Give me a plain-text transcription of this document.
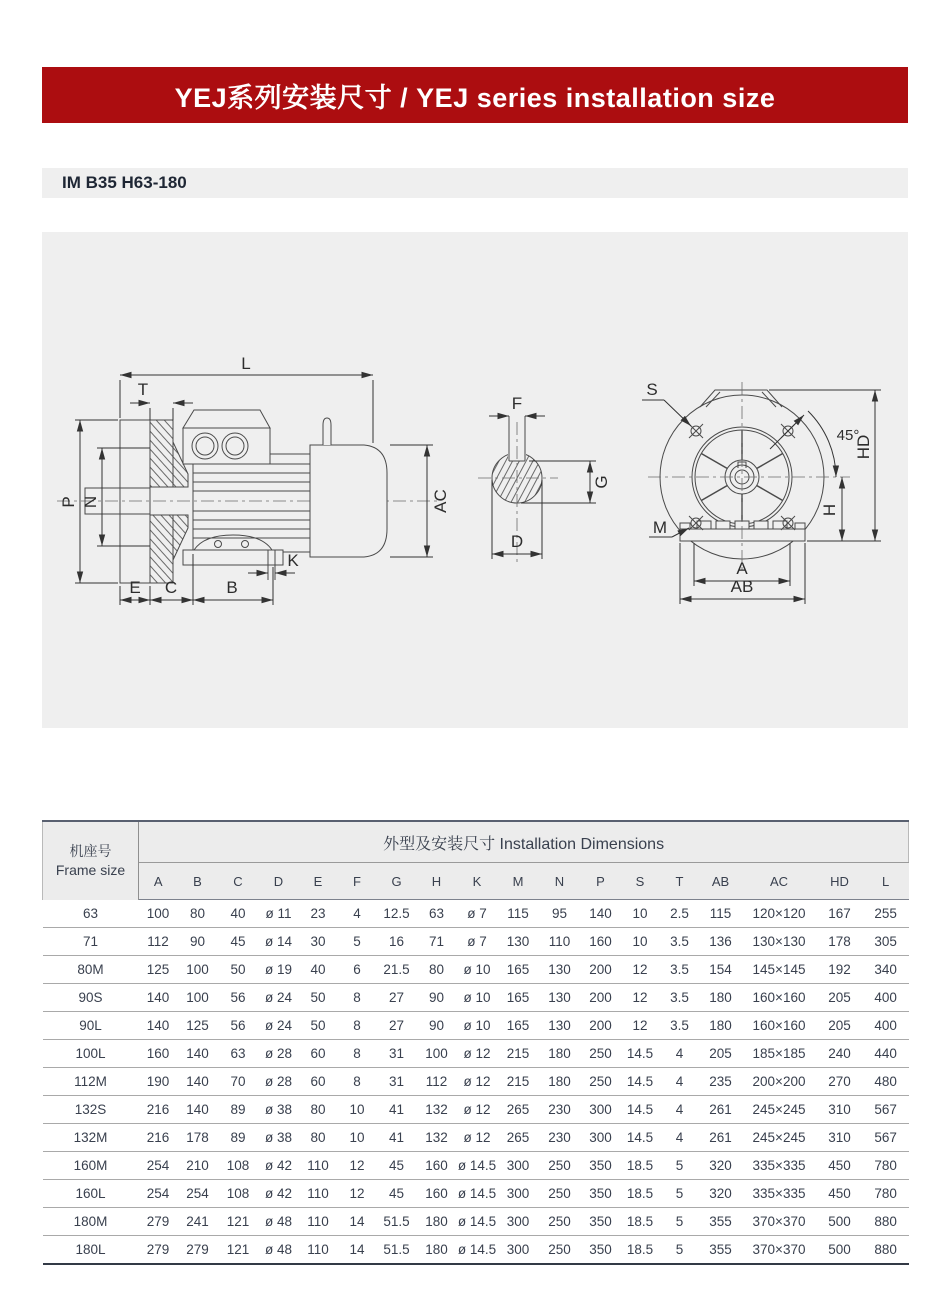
YEJ系列安装尺寸 / YEJ series installation size
IM B35 H63-180
L
T
P N	AC
E C	B
K
F
G
D
S
M
45°
HD
H
A
AB
机座号
Frame size	外型及安装尺寸 Installation Dimensions																	
	A	B	C	D	E	F	G	H	K	M	N	P	S	T	AB	AC	HD	L
63	100	80	40	ø 11	23	4	12.5	63	ø 7	115	95	140	10	2.5	115	120×120	167	255
71	112	90	45	ø 14	30	5	16	71	ø 7	130	110	160	10	3.5	136	130×130	178	305
80M	125	100	50	ø 19	40	6	21.5	80	ø 10	165	130	200	12	3.5	154	145×145	192	340
90S	140	100	56	ø 24	50	8	27	90	ø 10	165	130	200	12	3.5	180	160×160	205	400
90L	140	125	56	ø 24	50	8	27	90	ø 10	165	130	200	12	3.5	180	160×160	205	400
100L	160	140	63	ø 28	60	8	31	100	ø 12	215	180	250	14.5	4	205	185×185	240	440
112M	190	140	70	ø 28	60	8	31	112	ø 12	215	180	250	14.5	4	235	200×200	270	480
132S	216	140	89	ø 38	80	10	41	132	ø 12	265	230	300	14.5	4	261	245×245	310	567
132M	216	178	89	ø 38	80	10	41	132	ø 12	265	230	300	14.5	4	261	245×245	310	567
160M	254	210	108	ø 42	110	12	45	160	ø 14.5	300	250	350	18.5	5	320	335×335	450	780
160L	254	254	108	ø 42	110	12	45	160	ø 14.5	300	250	350	18.5	5	320	335×335	450	780
180M	279	241	121	ø 48	110	14	51.5	180	ø 14.5	300	250	350	18.5	5	355	370×370	500	880
180L	279	279	121	ø 48	110	14	51.5	180	ø 14.5	300	250	350	18.5	5	355	370×370	500	880
